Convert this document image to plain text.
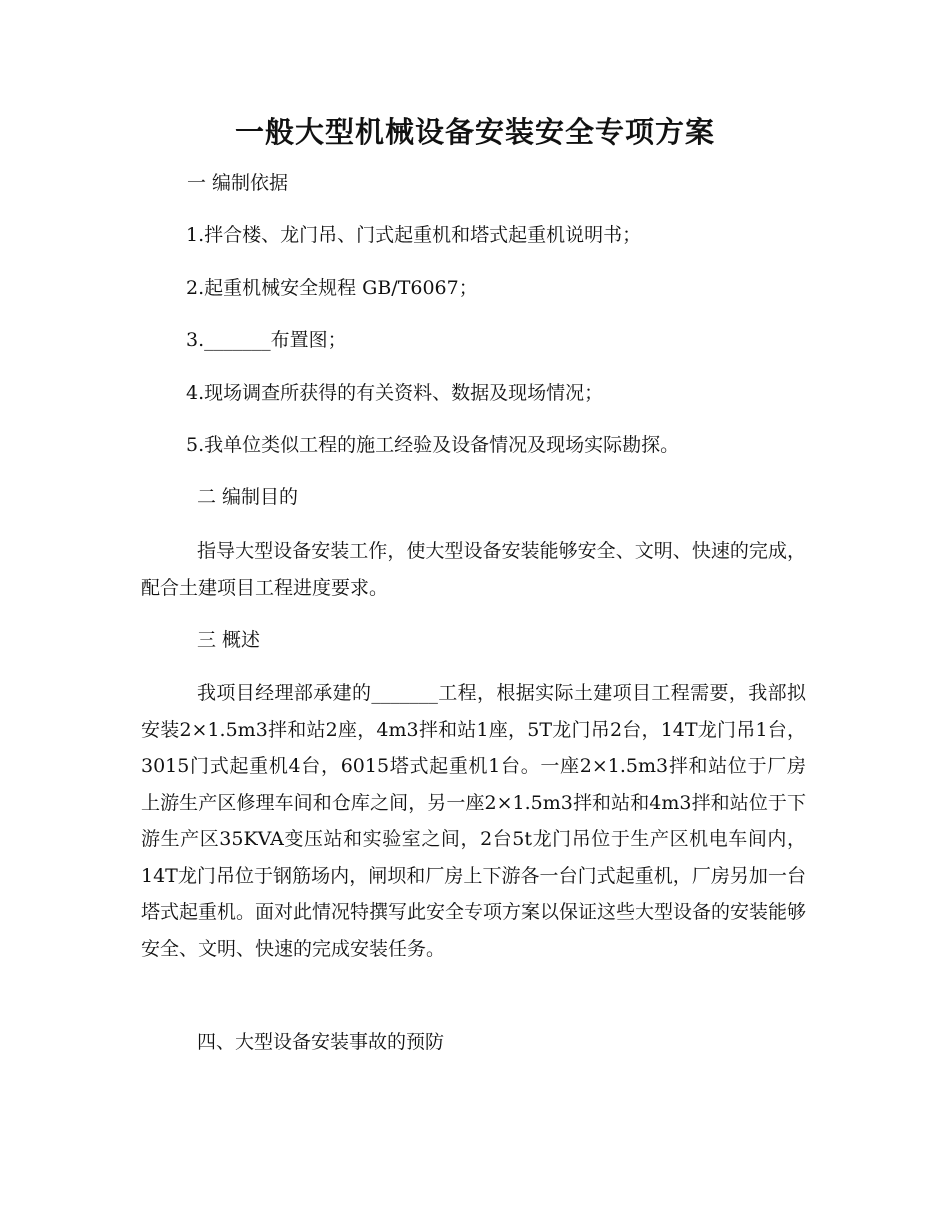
一般大型机械设备安装安全专项方案
一 编制依据
1.拌合楼、龙门吊、门式起重机和塔式起重机说明书；
2.起重机械安全规程 GB/T6067；
3._______布置图；
4.现场调查所获得的有关资料、数据及现场情况；
5.我单位类似工程的施工经验及设备情况及现场实际勘探。
二 编制目的

指导大型设备安装工作，使大型设备安装能够安全、文明、快速的完成，配合土建项目工程进度要求。

三 概述

我项目经理部承建的_______工程，根据实际土建项目工程需要，我部拟安装2×1.5m3拌和站2座，4m3拌和站1座，5T龙门吊2台，14T龙门吊1台，3015门式起重机4台，6015塔式起重机1台。一座2×1.5m3拌和站位于厂房上游生产区修理车间和仓库之间，另一座2×1.5m3拌和站和4m3拌和站位于下游生产区35KVA变压站和实验室之间，2台5t龙门吊位于生产区机电车间内，14T龙门吊位于钢筋场内，闸坝和厂房上下游各一台门式起重机，厂房另加一台塔式起重机。面对此情况特撰写此安全专项方案以保证这些大型设备的安装能够安全、文明、快速的完成安装任务。

四、大型设备安装事故的预防
